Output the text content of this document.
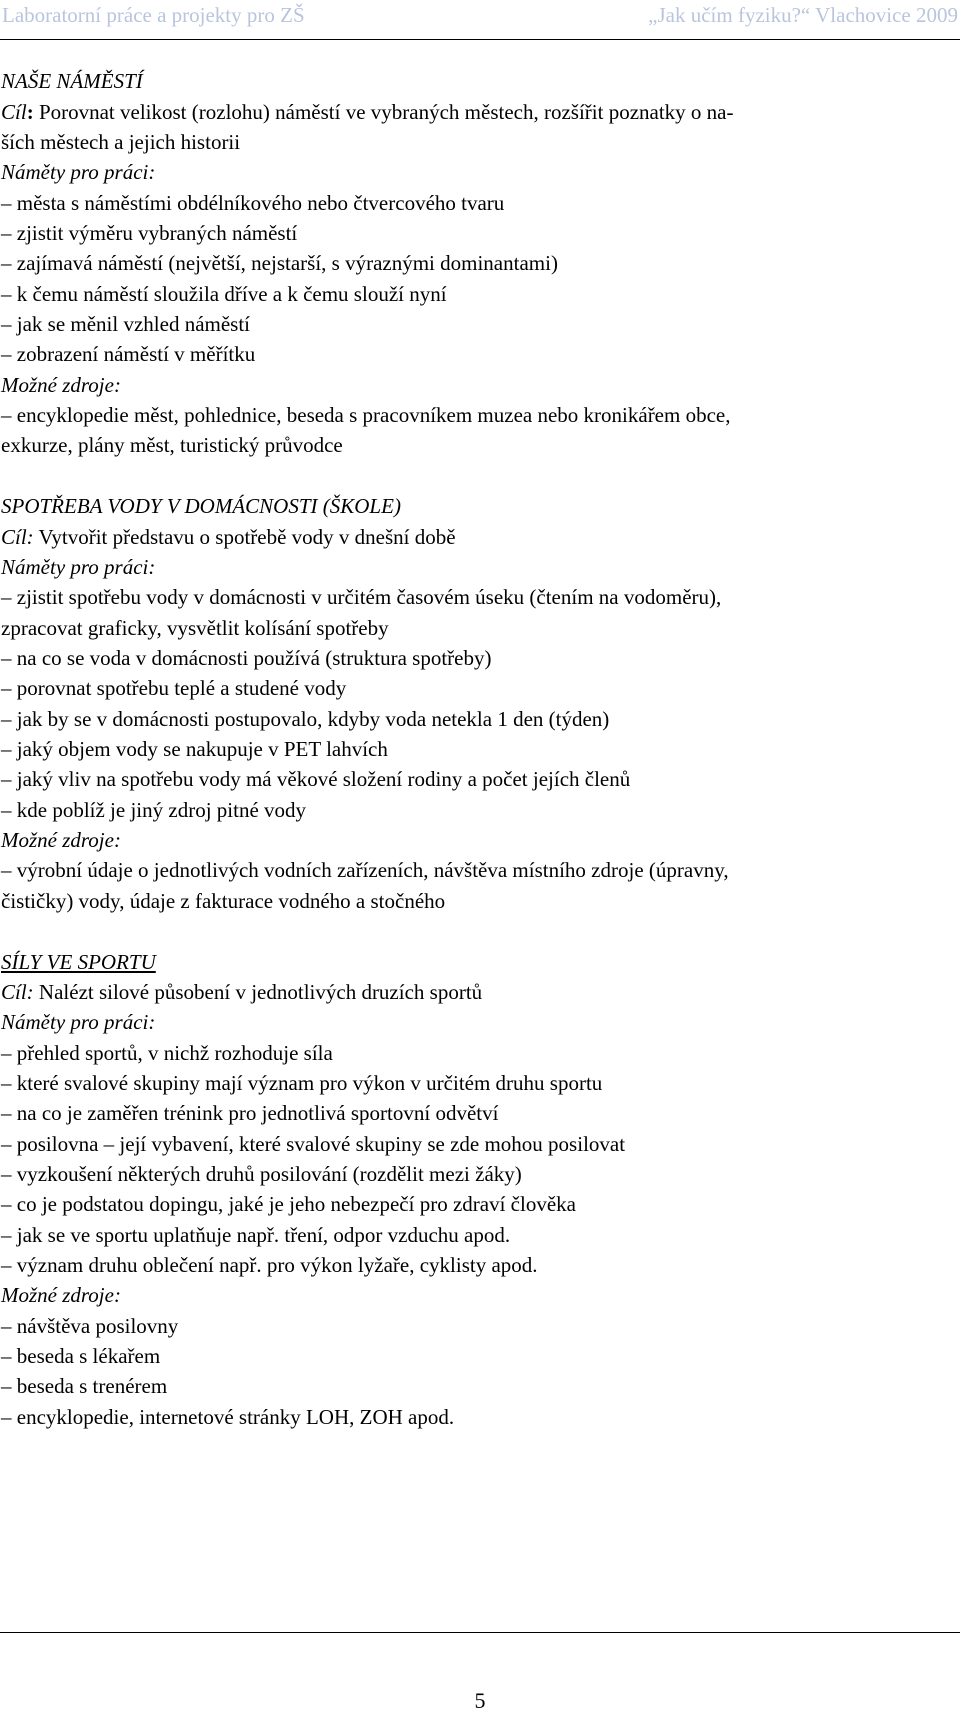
Laboratorní práce a projekty pro ZŠ	„Jak učím fyziku?“ Vlachovice 2009
NAŠE NÁMĚSTÍ
Cíl: Porovnat velikost (rozlohu) náměstí ve vybraných městech, rozšířit poznatky o na-
ších městech a jejich historii
Náměty pro práci:
– města s náměstími obdélníkového nebo čtvercového tvaru
– zjistit výměru vybraných náměstí
– zajímavá náměstí (největší, nejstarší, s výraznými dominantami)
– k čemu náměstí sloužila dříve a k čemu slouží nyní
– jak se měnil vzhled náměstí
– zobrazení náměstí v měřítku
Možné zdroje:
– encyklopedie měst, pohlednice, beseda s pracovníkem muzea nebo kronikářem obce,
exkurze, plány měst, turistický průvodce
SPOTŘEBA VODY V DOMÁCNOSTI (ŠKOLE)
Cíl: Vytvořit představu o spotřebě vody v dnešní době
Náměty pro práci:
– zjistit spotřebu vody v domácnosti v určitém časovém úseku (čtením na vodoměru),
zpracovat graficky, vysvětlit kolísání spotřeby
– na co se voda v domácnosti používá (struktura spotřeby)
– porovnat spotřebu teplé a studené vody
– jak by se v domácnosti postupovalo, kdyby voda netekla 1 den (týden)
– jaký objem vody se nakupuje v PET lahvích
– jaký vliv na spotřebu vody má věkové složení rodiny a počet jejích členů
– kde poblíž je jiný zdroj pitné vody
Možné zdroje:
– výrobní údaje o jednotlivých vodních zařízeních, návštěva místního zdroje (úpravny,
čističky) vody, údaje z fakturace vodného a stočného
SÍLY VE SPORTU
Cíl: Nalézt silové působení v jednotlivých druzích sportů
Náměty pro práci:
– přehled sportů, v nichž rozhoduje síla
– které svalové skupiny mají význam pro výkon v určitém druhu sportu
– na co je zaměřen trénink pro jednotlivá sportovní odvětví
– posilovna – její vybavení, které svalové skupiny se zde mohou posilovat
– vyzkoušení některých druhů posilování (rozdělit mezi žáky)
– co je podstatou dopingu, jaké je jeho nebezpečí pro zdraví člověka
– jak se ve sportu uplatňuje např. tření, odpor vzduchu apod.
– význam druhu oblečení např. pro výkon lyžaře, cyklisty apod.
Možné zdroje:
– návštěva posilovny
– beseda s lékařem
– beseda s trenérem
– encyklopedie, internetové stránky LOH, ZOH apod.
5
